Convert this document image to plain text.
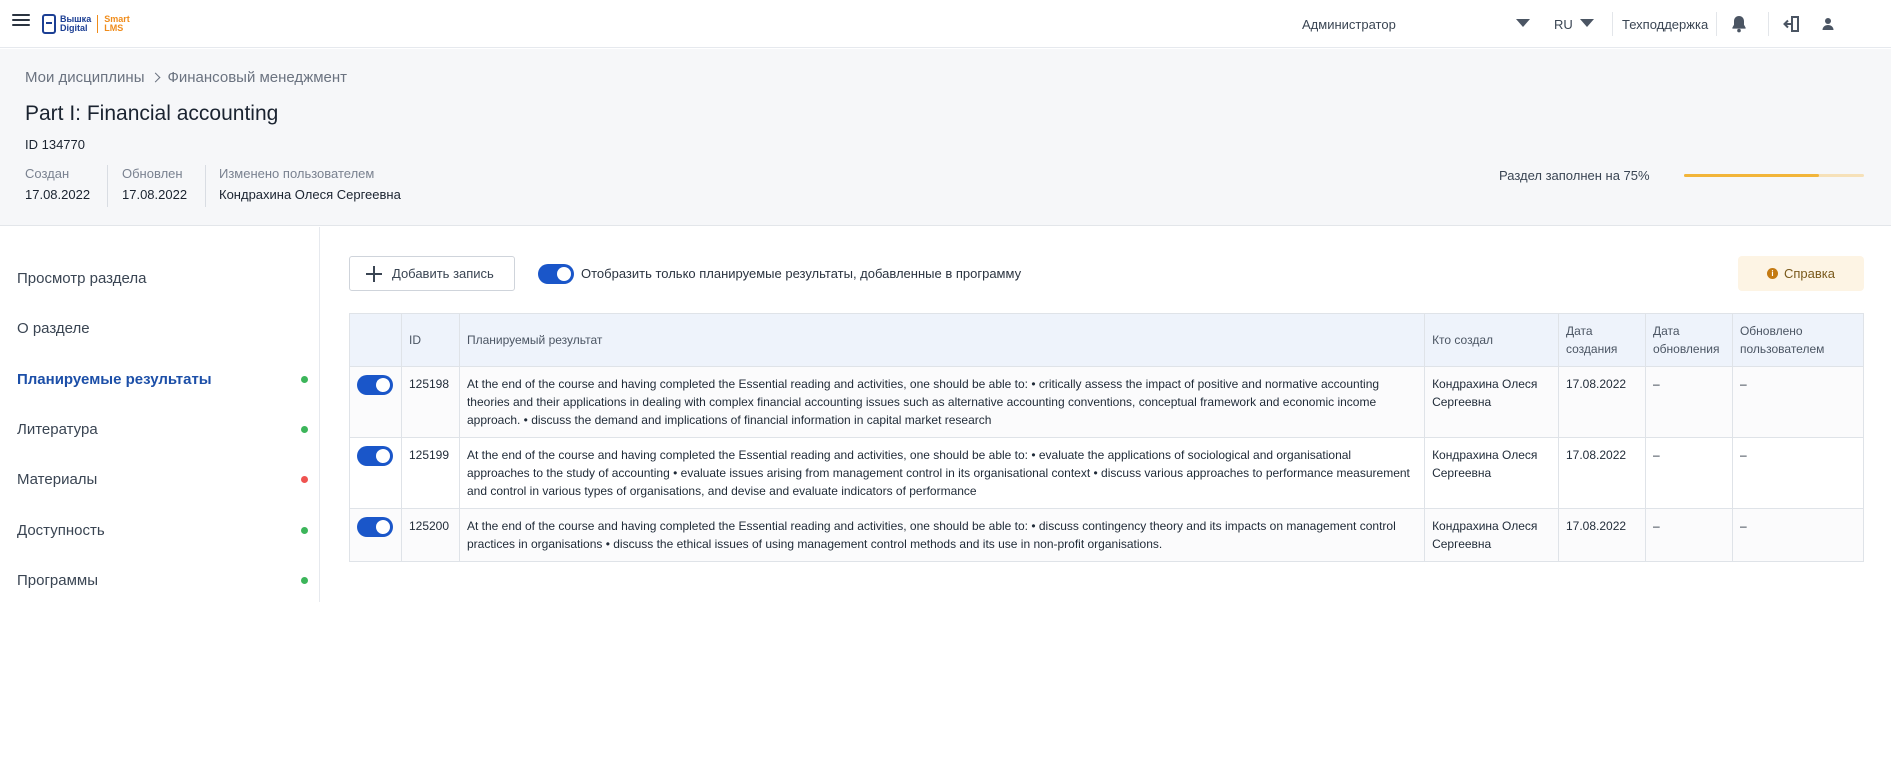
Вышка
Digital
Smart
LMS	Администратор	RU	Техподдержка
Мои дисциплины Финансовый менеджмент
Part I: Financial accounting
ID 134770
Создан
17.08.2022
Обновлен
17.08.2022
Изменено пользователем
Кондрахина Олеся Сергеевна
Раздел заполнен на 75%
Просмотр раздела
О разделе
Планируемые результаты
Литература
Материалы
Доступность
Программы
Добавить запись	Отобразить только планируемые результаты, добавленные в программу	i Справка
	ID	Планируемый результат	Кто создал	Дата создания	Дата обновления	Обновлено пользователем

	125198	At the end of the course and having completed the Essential reading and activities, one should be able to: • critically assess the impact of positive and normative accounting theories and their applications in dealing with complex financial accounting issues such as alternative accounting conventions, conceptual framework and economic income approach. • discuss the demand and implications of financial information in capital market research	Кондрахина Олеся Сергеевна	17.08.2022	–	–

	125199	At the end of the course and having completed the Essential reading and activities, one should be able to: • evaluate the applications of sociological and organisational approaches to the study of accounting • evaluate issues arising from management control in its organisational context • discuss various approaches to performance measurement and control in various types of organisations, and devise and evaluate indicators of performance	Кондрахина Олеся Сергеевна	17.08.2022	–	–

	125200	At the end of the course and having completed the Essential reading and activities, one should be able to: • discuss contingency theory and its impacts on management control practices in organisations • discuss the ethical issues of using management control methods and its use in non-profit organisations.	Кондрахина Олеся Сергеевна	17.08.2022	–	–
